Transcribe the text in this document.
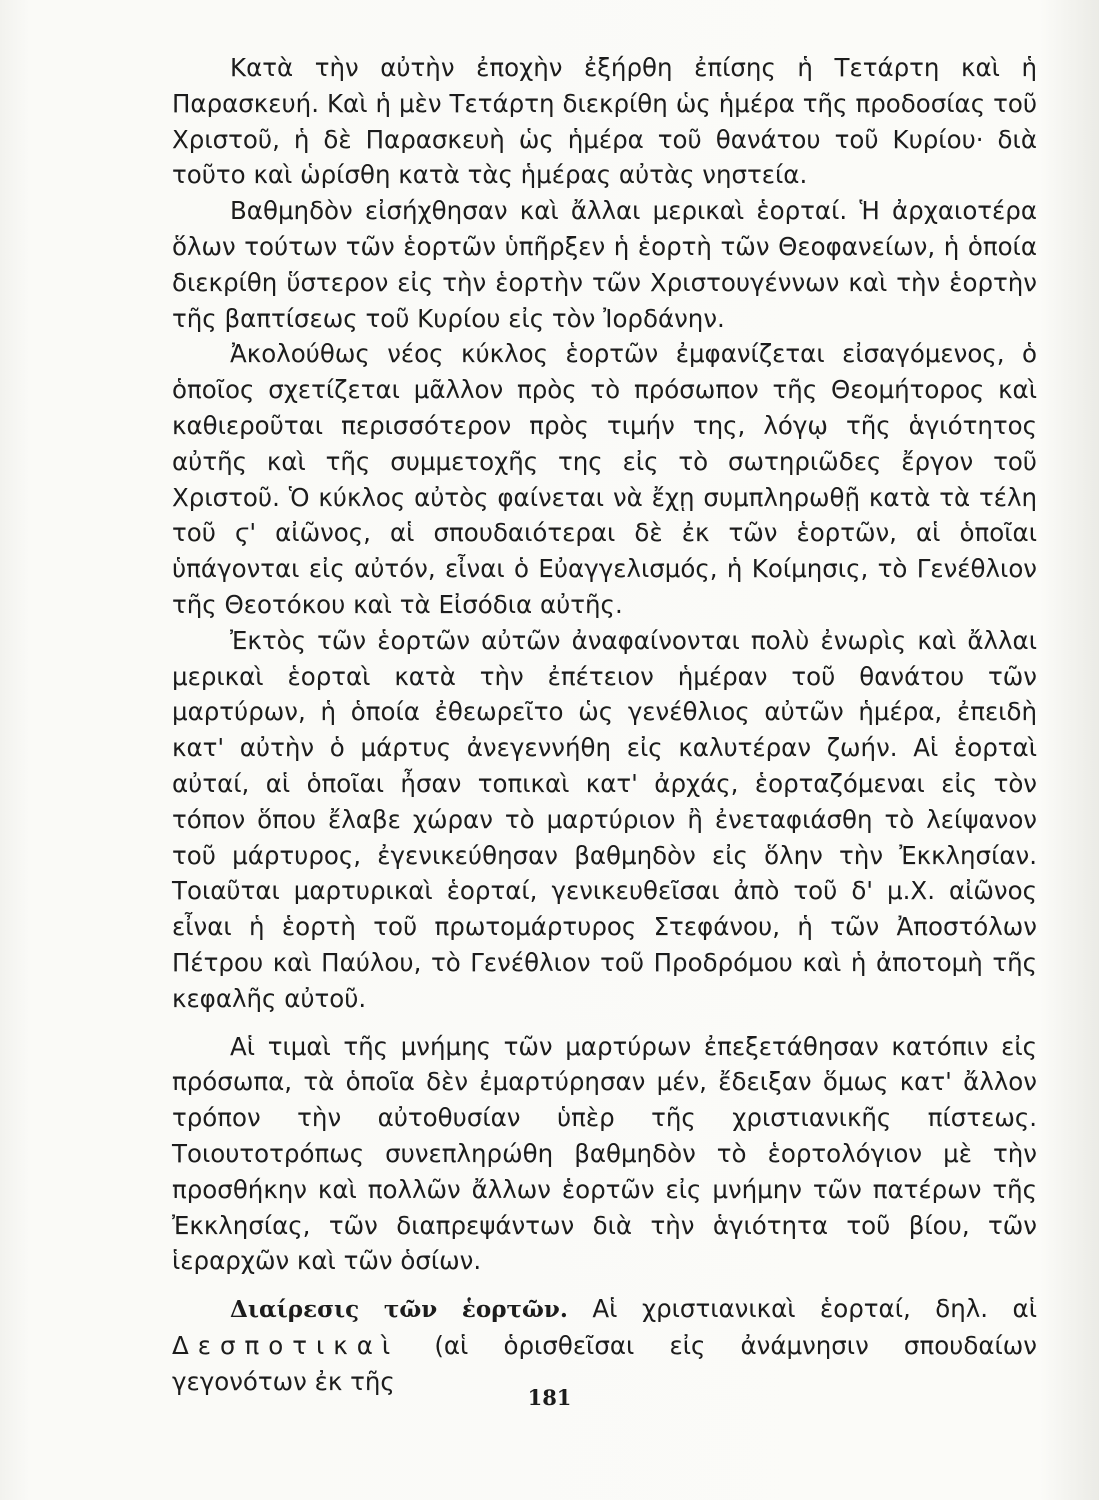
Κατὰ τὴν αὐτὴν ἐποχὴν ἐξήρθη ἐπίσης ἡ Τετάρτη καὶ ἡ Παρασκευή. Καὶ ἡ μὲν Τετάρτη διεκρίθη ὡς ἡμέρα τῆς προδοσίας τοῦ Χριστοῦ, ἡ δὲ Παρασκευὴ ὡς ἡμέρα τοῦ θανάτου τοῦ Κυρίου· διὰ τοῦτο καὶ ὡρίσθη κατὰ τὰς ἡμέρας αὐτὰς νηστεία.

Βαθμηδὸν εἰσήχθησαν καὶ ἄλλαι μερικαὶ ἑορταί. Ἡ ἀρχαιοτέρα ὅλων τούτων τῶν ἑορτῶν ὑπῆρξεν ἡ ἑορτὴ τῶν Θεοφανείων, ἡ ὁποία διεκρίθη ὕστερον εἰς τὴν ἑορτὴν τῶν Χριστουγέννων καὶ τὴν ἑορτὴν τῆς βαπτίσεως τοῦ Κυρίου εἰς τὸν Ἰορδάνην.

Ἀκολούθως νέος κύκλος ἑορτῶν ἐμφανίζεται εἰσαγόμενος, ὁ ὁποῖος σχετίζεται μᾶλλον πρὸς τὸ πρόσωπον τῆς Θεομήτορος καὶ καθιεροῦται περισσότερον πρὸς τιμήν της, λόγῳ τῆς ἁγιότητος αὐτῆς καὶ τῆς συμμετοχῆς της εἰς τὸ σωτηριῶδες ἔργον τοῦ Χριστοῦ. Ὁ κύκλος αὐτὸς φαίνεται νὰ ἔχῃ συμπληρωθῇ κατὰ τὰ τέλη τοῦ ϛ' αἰῶνος, αἱ σπουδαιότεραι δὲ ἐκ τῶν ἑορτῶν, αἱ ὁποῖαι ὑπάγονται εἰς αὐτόν, εἶναι ὁ Εὐαγγελισμός, ἡ Κοίμησις, τὸ Γενέθλιον τῆς Θεοτόκου καὶ τὰ Εἰσόδια αὐτῆς.

Ἐκτὸς τῶν ἑορτῶν αὐτῶν ἀναφαίνονται πολὺ ἐνωρὶς καὶ ἄλλαι μερικαὶ ἑορταὶ κατὰ τὴν ἐπέτειον ἡμέραν τοῦ θανάτου τῶν μαρτύρων, ἡ ὁποία ἐθεωρεῖτο ὡς γενέθλιος αὐτῶν ἡμέρα, ἐπειδὴ κατ' αὐτὴν ὁ μάρτυς ἀνεγεννήθη εἰς καλυτέραν ζωήν. Αἱ ἑορταὶ αὐταί, αἱ ὁποῖαι ἦσαν τοπικαὶ κατ' ἀρχάς, ἑορταζόμεναι εἰς τὸν τόπον ὅπου ἔλαβε χώραν τὸ μαρτύριον ἢ ἐνεταφιάσθη τὸ λείψανον τοῦ μάρτυρος, ἐγενικεύθησαν βαθμηδὸν εἰς ὅλην τὴν Ἐκκλησίαν. Τοιαῦται μαρτυρικαὶ ἑορταί, γενικευθεῖσαι ἀπὸ τοῦ δ' μ.Χ. αἰῶνος εἶναι ἡ ἑορτὴ τοῦ πρωτομάρτυρος Στεφάνου, ἡ τῶν Ἀποστόλων Πέτρου καὶ Παύλου, τὸ Γενέθλιον τοῦ Προδρόμου καὶ ἡ ἀποτομὴ τῆς κεφαλῆς αὐτοῦ.

Αἱ τιμαὶ τῆς μνήμης τῶν μαρτύρων ἐπεξετάθησαν κατόπιν εἰς πρόσωπα, τὰ ὁποῖα δὲν ἐμαρτύρησαν μέν, ἔδειξαν ὅμως κατ' ἄλλον τρόπον τὴν αὐτοθυσίαν ὑπὲρ τῆς χριστιανικῆς πίστεως. Τοιουτοτρόπως συνεπληρώθη βαθμηδὸν τὸ ἑορτολόγιον μὲ τὴν προσθήκην καὶ πολλῶν ἄλλων ἑορτῶν εἰς μνήμην τῶν πατέρων τῆς Ἐκκλησίας, τῶν διαπρεψάντων διὰ τὴν ἁγιότητα τοῦ βίου, τῶν ἱεραρχῶν καὶ τῶν ὁσίων.

Διαίρεσις τῶν ἑορτῶν. Αἱ χριστιανικαὶ ἑορταί, δηλ. αἱ Δεσποτικαὶ (αἱ ὁρισθεῖσαι εἰς ἀνάμνησιν σπουδαίων γεγονότων ἐκ τῆς

181
